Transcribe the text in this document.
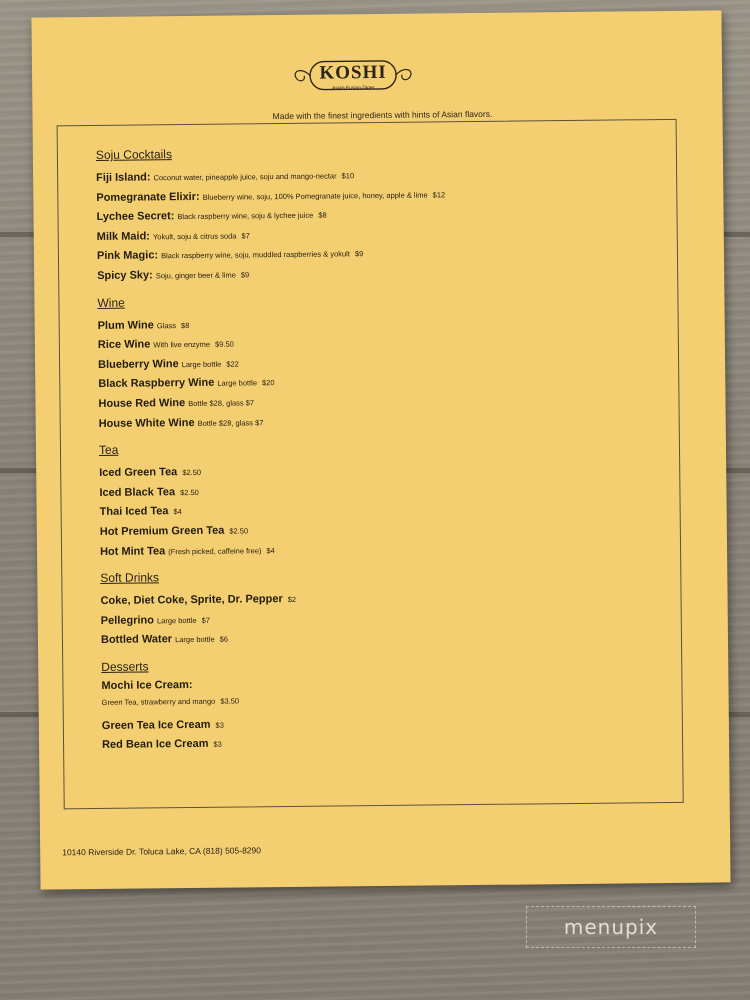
KOSHI
Asian Fusion Diner
Made with the finest ingredients with hints of Asian flavors.
Soju Cocktails
Fiji Island: Coconut water, pineapple juice, soju and mango-nectar $10
Pomegranate Elixir: Blueberry wine, soju, 100% Pomegranate juice, honey, apple & lime $12
Lychee Secret: Black raspberry wine, soju & lychee juice $8
Milk Maid: Yokult, soju & citrus soda $7
Pink Magic: Black raspberry wine, soju, muddled raspberries & yokult $9
Spicy Sky: Soju, ginger beer & lime $9
Wine
Plum Wine Glass $8
Rice Wine With live enzyme $9.50
Blueberry Wine Large bottle $22
Black Raspberry Wine Large bottle $20
House Red Wine Bottle $28, glass $7
House White Wine Bottle $28, glass $7
Tea
Iced Green Tea $2.50
Iced Black Tea $2.50
Thai Iced Tea $4
Hot Premium Green Tea $2.50
Hot Mint Tea (Fresh picked, caffeine free) $4
Soft Drinks
Coke, Diet Coke, Sprite, Dr. Pepper $2
Pellegrino Large bottle $7
Bottled Water Large bottle $6
Desserts
Mochi Ice Cream:
Green Tea, strawberry and mango $3.50
Green Tea Ice Cream $3
Red Bean Ice Cream $3
10140 Riverside Dr. Toluca Lake, CA (818) 505-8290
menupix
